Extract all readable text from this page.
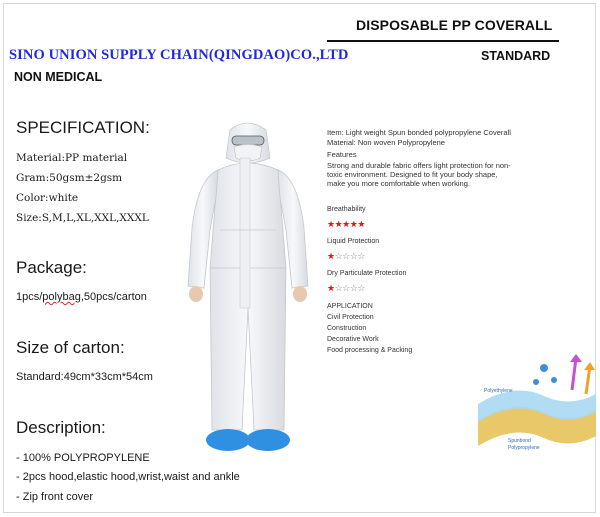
DISPOSABLE PP COVERALL
SINO UNION SUPPLY CHAIN(QINGDAO)CO.,LTD	STANDARD
NON MEDICAL
SPECIFICATION:
Material:PP material
Gram:50gsm±2gsm
Color:white
Size:S,M,L,XL,XXL,XXXL
Package:
1pcs/polybag,50pcs/carton
Size of carton:
Standard:49cm*33cm*54cm
Description:
- 100% POLYPROPYLENE
- 2pcs hood,elastic hood,wrist,waist and ankle
- Zip front cover
Item: Light weight Spun bonded polypropylene Coverall
Material: Non woven Polypropylene
Features
Strong and durable fabric offers light protection for non-
toxic environment. Designed to fit your body shape,
make you more comfortable when working.
Breathability
★★★★★
Liquid Protection
★☆☆☆☆
Dry Particulate Protection
★☆☆☆☆
APPLICATION
Civil Protection
Construction
Decorative Work
Food processing & Packing
Polyethylene
Spunbond
Polypropylene
